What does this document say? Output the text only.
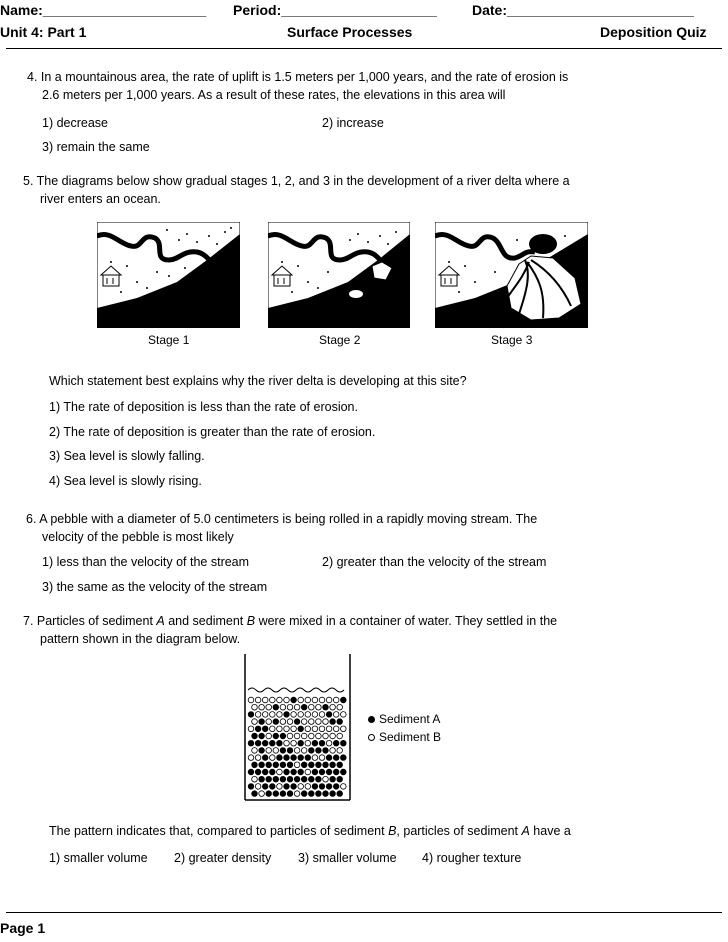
Name:_____________________ Period:____________________	Date:________________________
Unit 4: Part 1	Surface Processes	Deposition Quiz
4. In a mountainous area, the rate of uplift is 1.5 meters per 1,000 years, and the rate of erosion is
2.6 meters per 1,000 years. As a result of these rates, the elevations in this area will
1) decrease	2) increase
3) remain the same
5. The diagrams below show gradual stages 1, 2, and 3 in the development of a river delta where a
river enters an ocean.
Stage 1	Stage 2	Stage 3
Which statement best explains why the river delta is developing at this site?
1) The rate of deposition is less than the rate of erosion.
2) The rate of deposition is greater than the rate of erosion.
3) Sea level is slowly falling.
4) Sea level is slowly rising.
6. A pebble with a diameter of 5.0 centimeters is being rolled in a rapidly moving stream. The
velocity of the pebble is most likely
1) less than the velocity of the stream	2) greater than the velocity of the stream
3) the same as the velocity of the stream
7. Particles of sediment A and sediment B were mixed in a container of water. They settled in the
pattern shown in the diagram below.
Sediment A
Sediment B
The pattern indicates that, compared to particles of sediment B, particles of sediment A have a
1) smaller volume 2) greater density 3) smaller volume 4) rougher texture
Page 1
